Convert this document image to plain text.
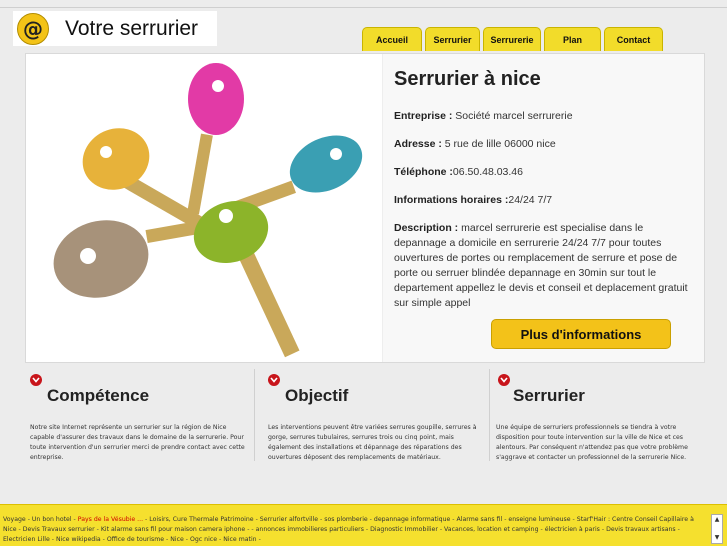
@ Votre serrurier	Accueil	Serrurier	Serrurerie	Plan	Contact
Serrurier à nice
Entreprise : Société marcel serrurerie
Adresse : 5 rue de lille 06000 nice
Téléphone :06.50.48.03.46
Informations horaires :24/24 7/7
Description : marcel serrurerie est specialise dans le depannage a domicile en serrurerie 24/24 7/7 pour toutes ouvertures de portes ou remplacement de serrure et pose de porte ou serruer blindée depannage en 30min sur tout le departement appellez le devis et conseil et deplacement gratuit sur simple appel
Plus d'informations
Compétence

Notre site Internet représente un serrurier sur la région de Nice capable d'assurer des travaux dans le domaine de la serrurerie. Pour toute intervention d'un serrurier merci de prendre contact avec cette entreprise.

Objectif

Les interventions peuvent être variées serrures goupille, serrures à gorge, serrures tubulaires, serrures trois ou cinq point, mais également des installations et dépannage des réparations des ouvertures déposent des remplacements de matériaux.

Serrurier

Une équipe de serruriers professionnels se tiendra à votre disposition pour toute intervention sur la ville de Nice et ces alentours. Par conséquent n'attendez pas que votre problème s'aggrave et contacter un professionnel de la serrurerie Nice.

Voyage - Un bon hotel - Pays de la Vésubie ... - Loisirs, Cure Thermale Patrimoine - Serrurier alfortville - sos plomberie - depannage informatique - Alarme sans fil - enseigne lumineuse - Starf'Hair : Centre Conseil Capillaire à Nice - Devis Travaux serrurier - Kit alarme sans fil pour maison camera iphone - - annonces immobilieres particuliers - Diagnostic Immobilier - Vacances, location et camping - électricien à paris - Devis travaux artisans - Electricien Lille - Nice wikipedia - Office de tourisme - Nice - Ogc nice - Nice matin -
▲
▼
